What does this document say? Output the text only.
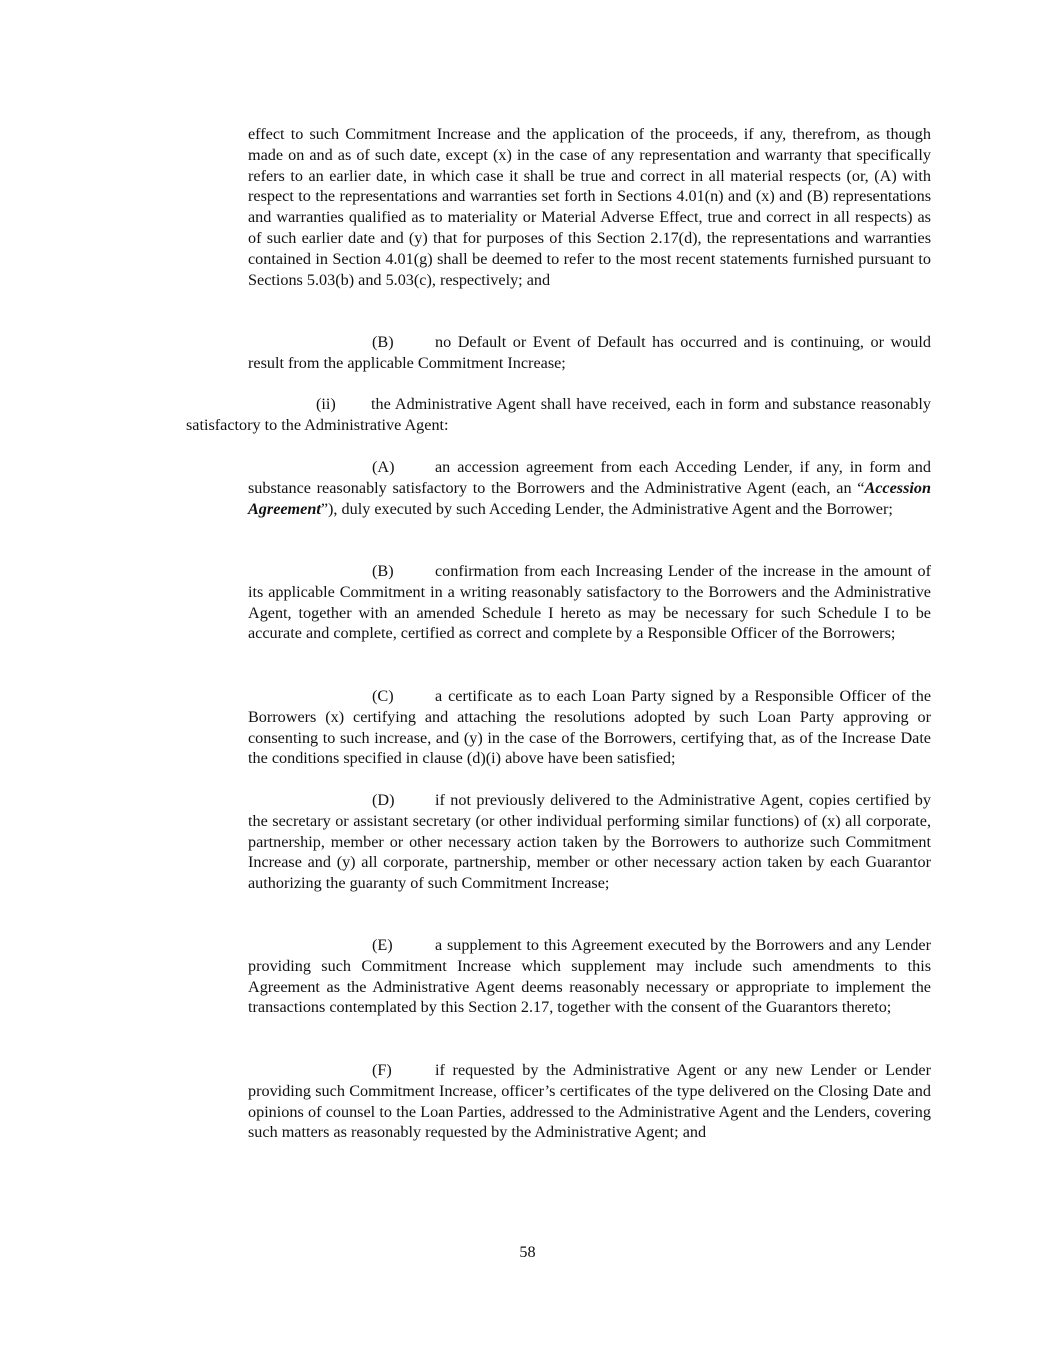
effect to such Commitment Increase and the application of the proceeds, if any, therefrom, as though made on and as of such date, except (x) in the case of any representation and warranty that specifically refers to an earlier date, in which case it shall be true and correct in all material respects (or, (A) with respect to the representations and warranties set forth in Sections 4.01(n) and (x) and (B) representations and warranties qualified as to materiality or Material Adverse Effect, true and correct in all respects) as of such earlier date and (y) that for purposes of this Section 2.17(d), the representations and warranties contained in Section 4.01(g) shall be deemed to refer to the most recent statements furnished pursuant to Sections 5.03(b) and 5.03(c), respectively; and

(B)	no Default or Event of Default has occurred and is continuing, or would result from the applicable Commitment Increase;

(ii) the Administrative Agent shall have received, each in form and substance reasonably satisfactory to the Administrative Agent:

(A)	an accession agreement from each Acceding Lender, if any, in form and substance reasonably satisfactory to the Borrowers and the Administrative Agent (each, an “Accession Agreement”), duly executed by such Acceding Lender, the Administrative Agent and the Borrower;

(B)	confirmation from each Increasing Lender of the increase in the amount of its applicable Commitment in a writing reasonably satisfactory to the Borrowers and the Administrative Agent, together with an amended Schedule I hereto as may be necessary for such Schedule I to be accurate and complete, certified as correct and complete by a Responsible Officer of the Borrowers;

(C)	a certificate as to each Loan Party signed by a Responsible Officer of the Borrowers (x) certifying and attaching the resolutions adopted by such Loan Party approving or consenting to such increase, and (y) in the case of the Borrowers, certifying that, as of the Increase Date the conditions specified in clause (d)(i) above have been satisfied;

(D)	if not previously delivered to the Administrative Agent, copies certified by the secretary or assistant secretary (or other individual performing similar functions) of (x) all corporate, partnership, member or other necessary action taken by the Borrowers to authorize such Commitment Increase and (y) all corporate, partnership, member or other necessary action taken by each Guarantor authorizing the guaranty of such Commitment Increase;

(E)	a supplement to this Agreement executed by the Borrowers and any Lender providing such Commitment Increase which supplement may include such amendments to this Agreement as the Administrative Agent deems reasonably necessary or appropriate to implement the transactions contemplated by this Section 2.17, together with the consent of the Guarantors thereto;

(F)	if requested by the Administrative Agent or any new Lender or Lender providing such Commitment Increase, officer’s certificates of the type delivered on the Closing Date and opinions of counsel to the Loan Parties, addressed to the Administrative Agent and the Lenders, covering such matters as reasonably requested by the Administrative Agent; and

58
